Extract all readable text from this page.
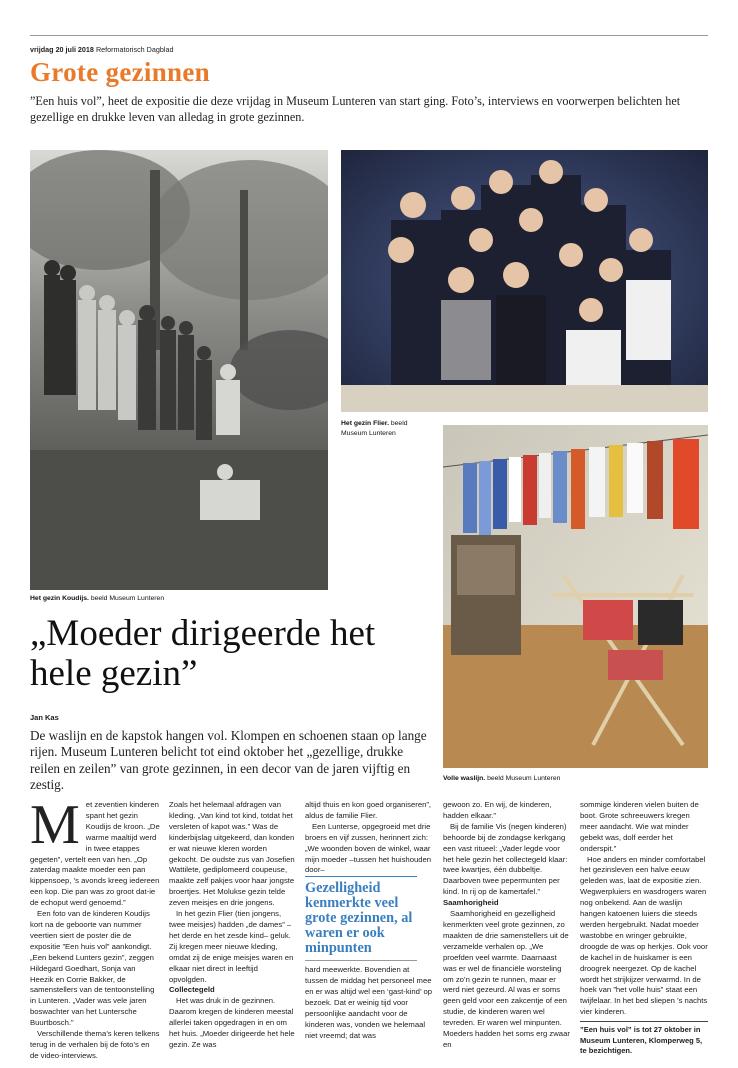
vrijdag 20 juli 2018 Reformatorisch Dagblad
Grote gezinnen
”Een huis vol”, heet de expositie die deze vrijdag in Museum Lunteren van start ging. Foto’s, interviews en voorwerpen belichten het gezellige en drukke leven van alledag in grote gezinnen.
Het gezin Koudijs. beeld Museum Lunteren
Het gezin Flier. beeld Museum Lunteren
Volle waslijn. beeld Museum Lunteren
„Moeder dirigeerde het hele gezin”
Jan Kas
De waslijn en de kapstok hangen vol. Klompen en schoenen staan op lange rijen. Museum Lunteren belicht tot eind oktober het „gezellige, drukke reilen en zeilen” van grote gezinnen, in een decor van de jaren vijftig en zestig.
M et zeventien kinderen spant het gezin Koudijs de kroon. „De warme maaltijd werd in twee etappes gegeten”, vertelt een van hen. „Op zaterdag maakte moeder een pan kippensoep, ’s avonds kreeg iedereen een kop. Die pan was zo groot dat-ie de echoput werd genoemd.”

Een foto van de kinderen Koudijs kort na de geboorte van nummer veertien siert de poster die de expositie ”Een huis vol” aankondigt. „Een bekend Lunters gezin”, zeggen Hildegard Goedhart, Sonja van Heezik en Corrie Bakker, de samenstellers van de tentoonstelling in Lunteren. „Vader was vele jaren boswachter van het Luntersche Buurtbosch.”

Verschillende thema’s keren telkens terug in de verhalen bij de foto’s en de video-interviews.

Zoals het helemaal afdragen van kleding. „Van kind tot kind, totdat het versleten of kapot was.” Was de kinderbijslag uitgekeerd, dan konden er wat nieuwe kleren worden gekocht. De oudste zus van Josefien Wattilete, gediplomeerd coupeuse, maakte zelf pakjes voor haar jongste broertjes. Het Molukse gezin telde zeven meisjes en drie jongens.

In het gezin Flier (tien jongens, twee meisjes) hadden „de dames” –het derde en het zesde kind– geluk. Zij kregen meer nieuwe kleding, omdat zij de enige meisjes waren en elkaar niet direct in leeftijd opvolgden.

Collectegeld

Het was druk in de gezinnen. Daarom kregen de kinderen meestal allerlei taken opgedragen in en om het huis. „Moeder dirigeerde het hele gezin. Ze was

altijd thuis en kon goed organiseren”, aldus de familie Flier.

Een Lunterse, opgegroeid met drie broers en vijf zussen, herinnert zich: „We woonden boven de winkel, waar mijn moeder –tussen het huishouden door–

Gezelligheid kenmerkte veel grote gezinnen, al waren er ook minpunten

hard meewerkte. Bovendien at tussen de middag het personeel mee en er was altijd wel een ‘gast-kind’ op bezoek. Dat er weinig tijd voor persoonlijke aandacht voor de kinderen was, vonden we helemaal niet vreemd; dat was

gewoon zo. En wij, de kinderen, hadden elkaar.”

Bij de familie Vis (negen kinderen) behoorde bij de zondagse kerkgang een vast ritueel: „Vader legde voor het hele gezin het collectegeld klaar: twee kwartjes, één dubbeltje. Daarboven twee pepermunten per kind. In rij op de kamertafel.”

Saamhorigheid

Saamhorigheid en gezelligheid kenmerkten veel grote gezinnen, zo maakten de drie samenstellers uit de verzamelde verhalen op. „We proefden veel warmte. Daarnaast was er wel de financiële worsteling om zo’n gezin te runnen, maar er werd niet gezeurd. Al was er soms geen geld voor een zakcentje of een studie, de kinderen waren wel tevreden. Er waren wel minpunten. Moeders hadden het soms erg zwaar en

sommige kinderen vielen buiten de boot. Grote schreeuwers kregen meer aandacht. Wie wat minder gebekt was, dolf eerder het onderspit.”

Hoe anders en minder comfortabel het gezinsleven een halve eeuw geleden was, laat de expositie zien. Wegwerpluiers en wasdrogers waren nog onbekend. Aan de waslijn hangen katoenen luiers die steeds werden hergebruikt. Nadat moeder wastobbe en wringer gebruikte, droogde de was op herkjes. Ook voor de kachel in de huiskamer is een droogrek neergezet. Op de kachel wordt het strijkijzer verwarmd. In de hoek van ”het volle huis” staat een twijfelaar. In het bed sliepen ’s nachts vier kinderen.

”Een huis vol” is tot 27 oktober in Museum Lunteren, Klomperweg 5, te bezichtigen.
